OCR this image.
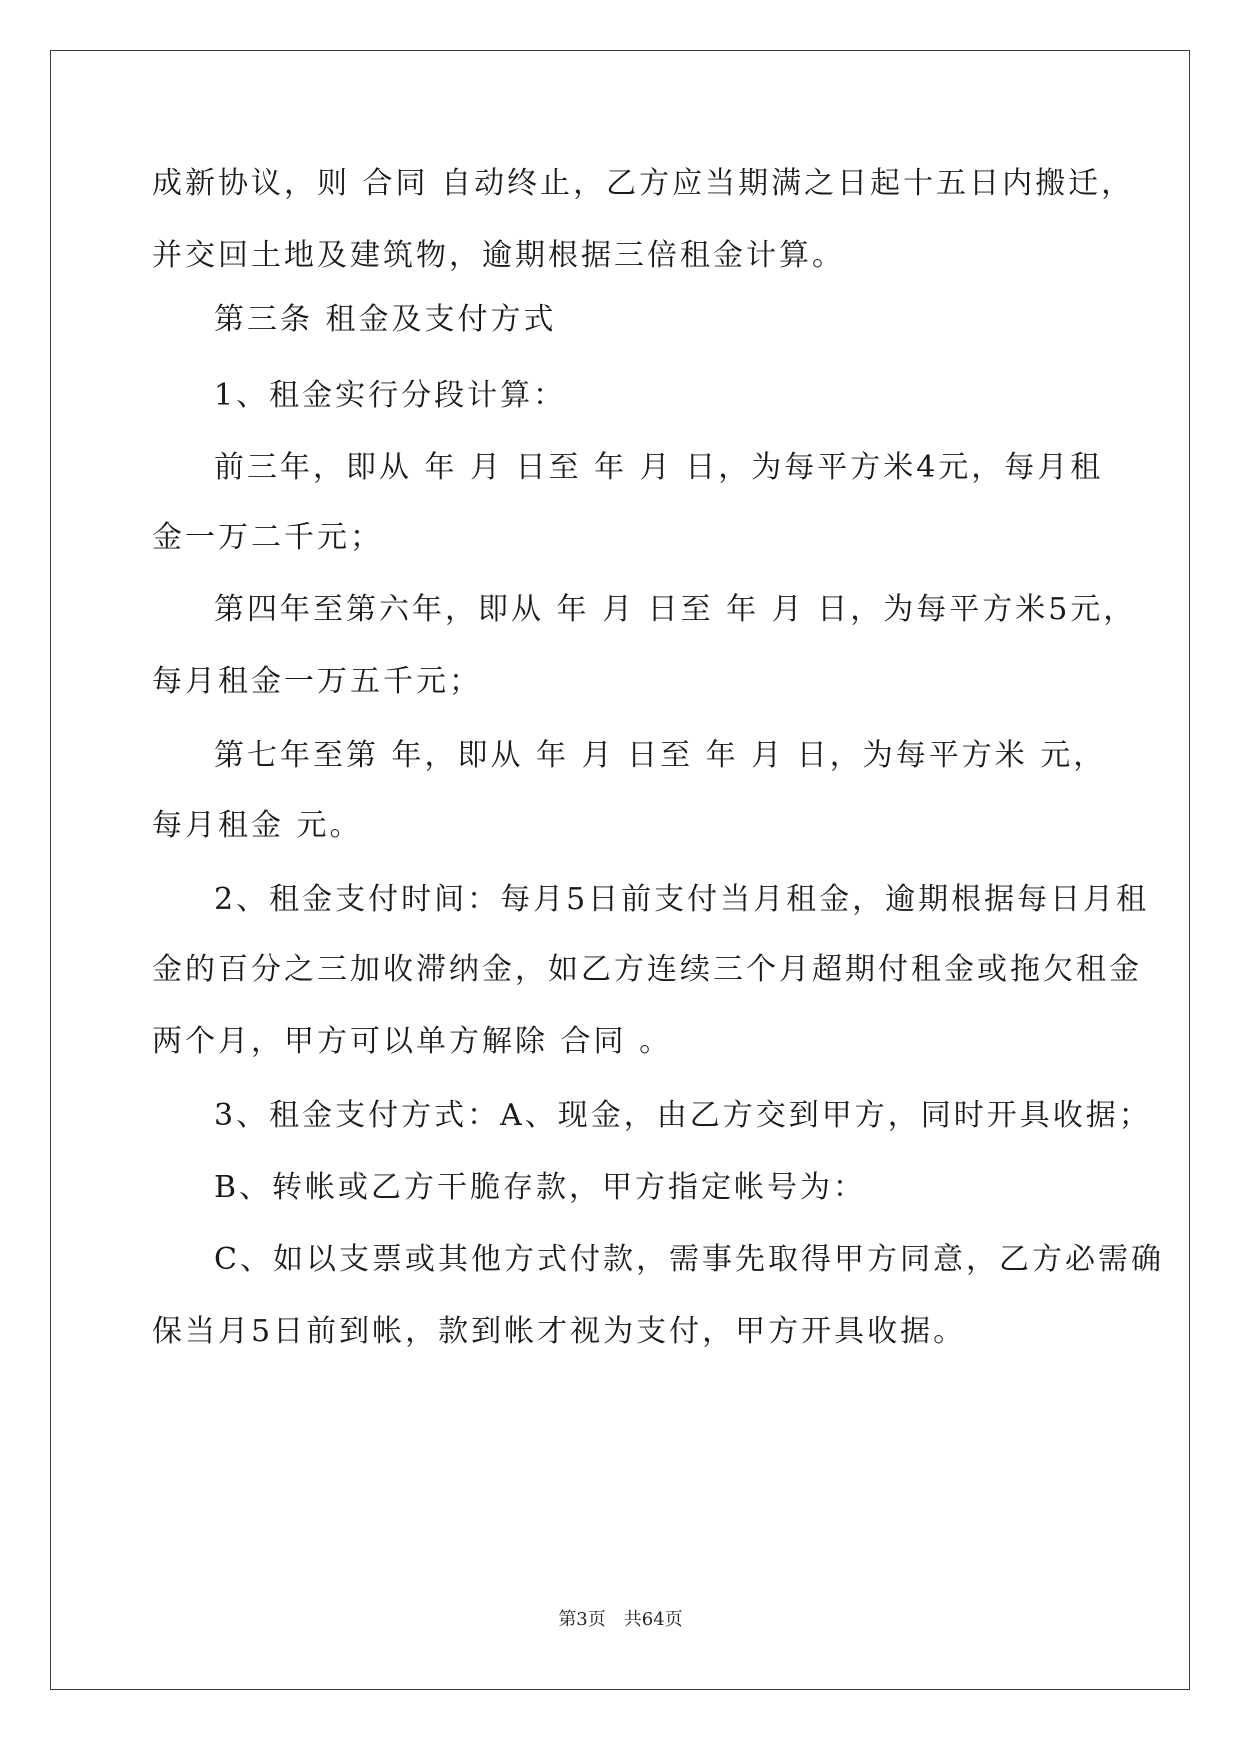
成新协议，则 合同 自动终止，乙方应当期满之日起十五日内搬迁，
并交回土地及建筑物，逾期根据三倍租金计算。
第三条 租金及支付方式
1、租金实行分段计算：
前三年，即从 年 月 日至 年 月 日，为每平方米4元，每月租
金一万二千元；
第四年至第六年，即从 年 月 日至 年 月 日，为每平方米5元，
每月租金一万五千元；
第七年至第 年，即从 年 月 日至 年 月 日，为每平方米 元，
每月租金 元。
2、租金支付时间：每月5日前支付当月租金，逾期根据每日月租
金的百分之三加收滞纳金，如乙方连续三个月超期付租金或拖欠租金
两个月，甲方可以单方解除 合同 。
3、租金支付方式：A、现金，由乙方交到甲方，同时开具收据；
B、转帐或乙方干脆存款，甲方指定帐号为：
C、如以支票或其他方式付款，需事先取得甲方同意，乙方必需确
保当月5日前到帐，款到帐才视为支付，甲方开具收据。
第3页　共64页
